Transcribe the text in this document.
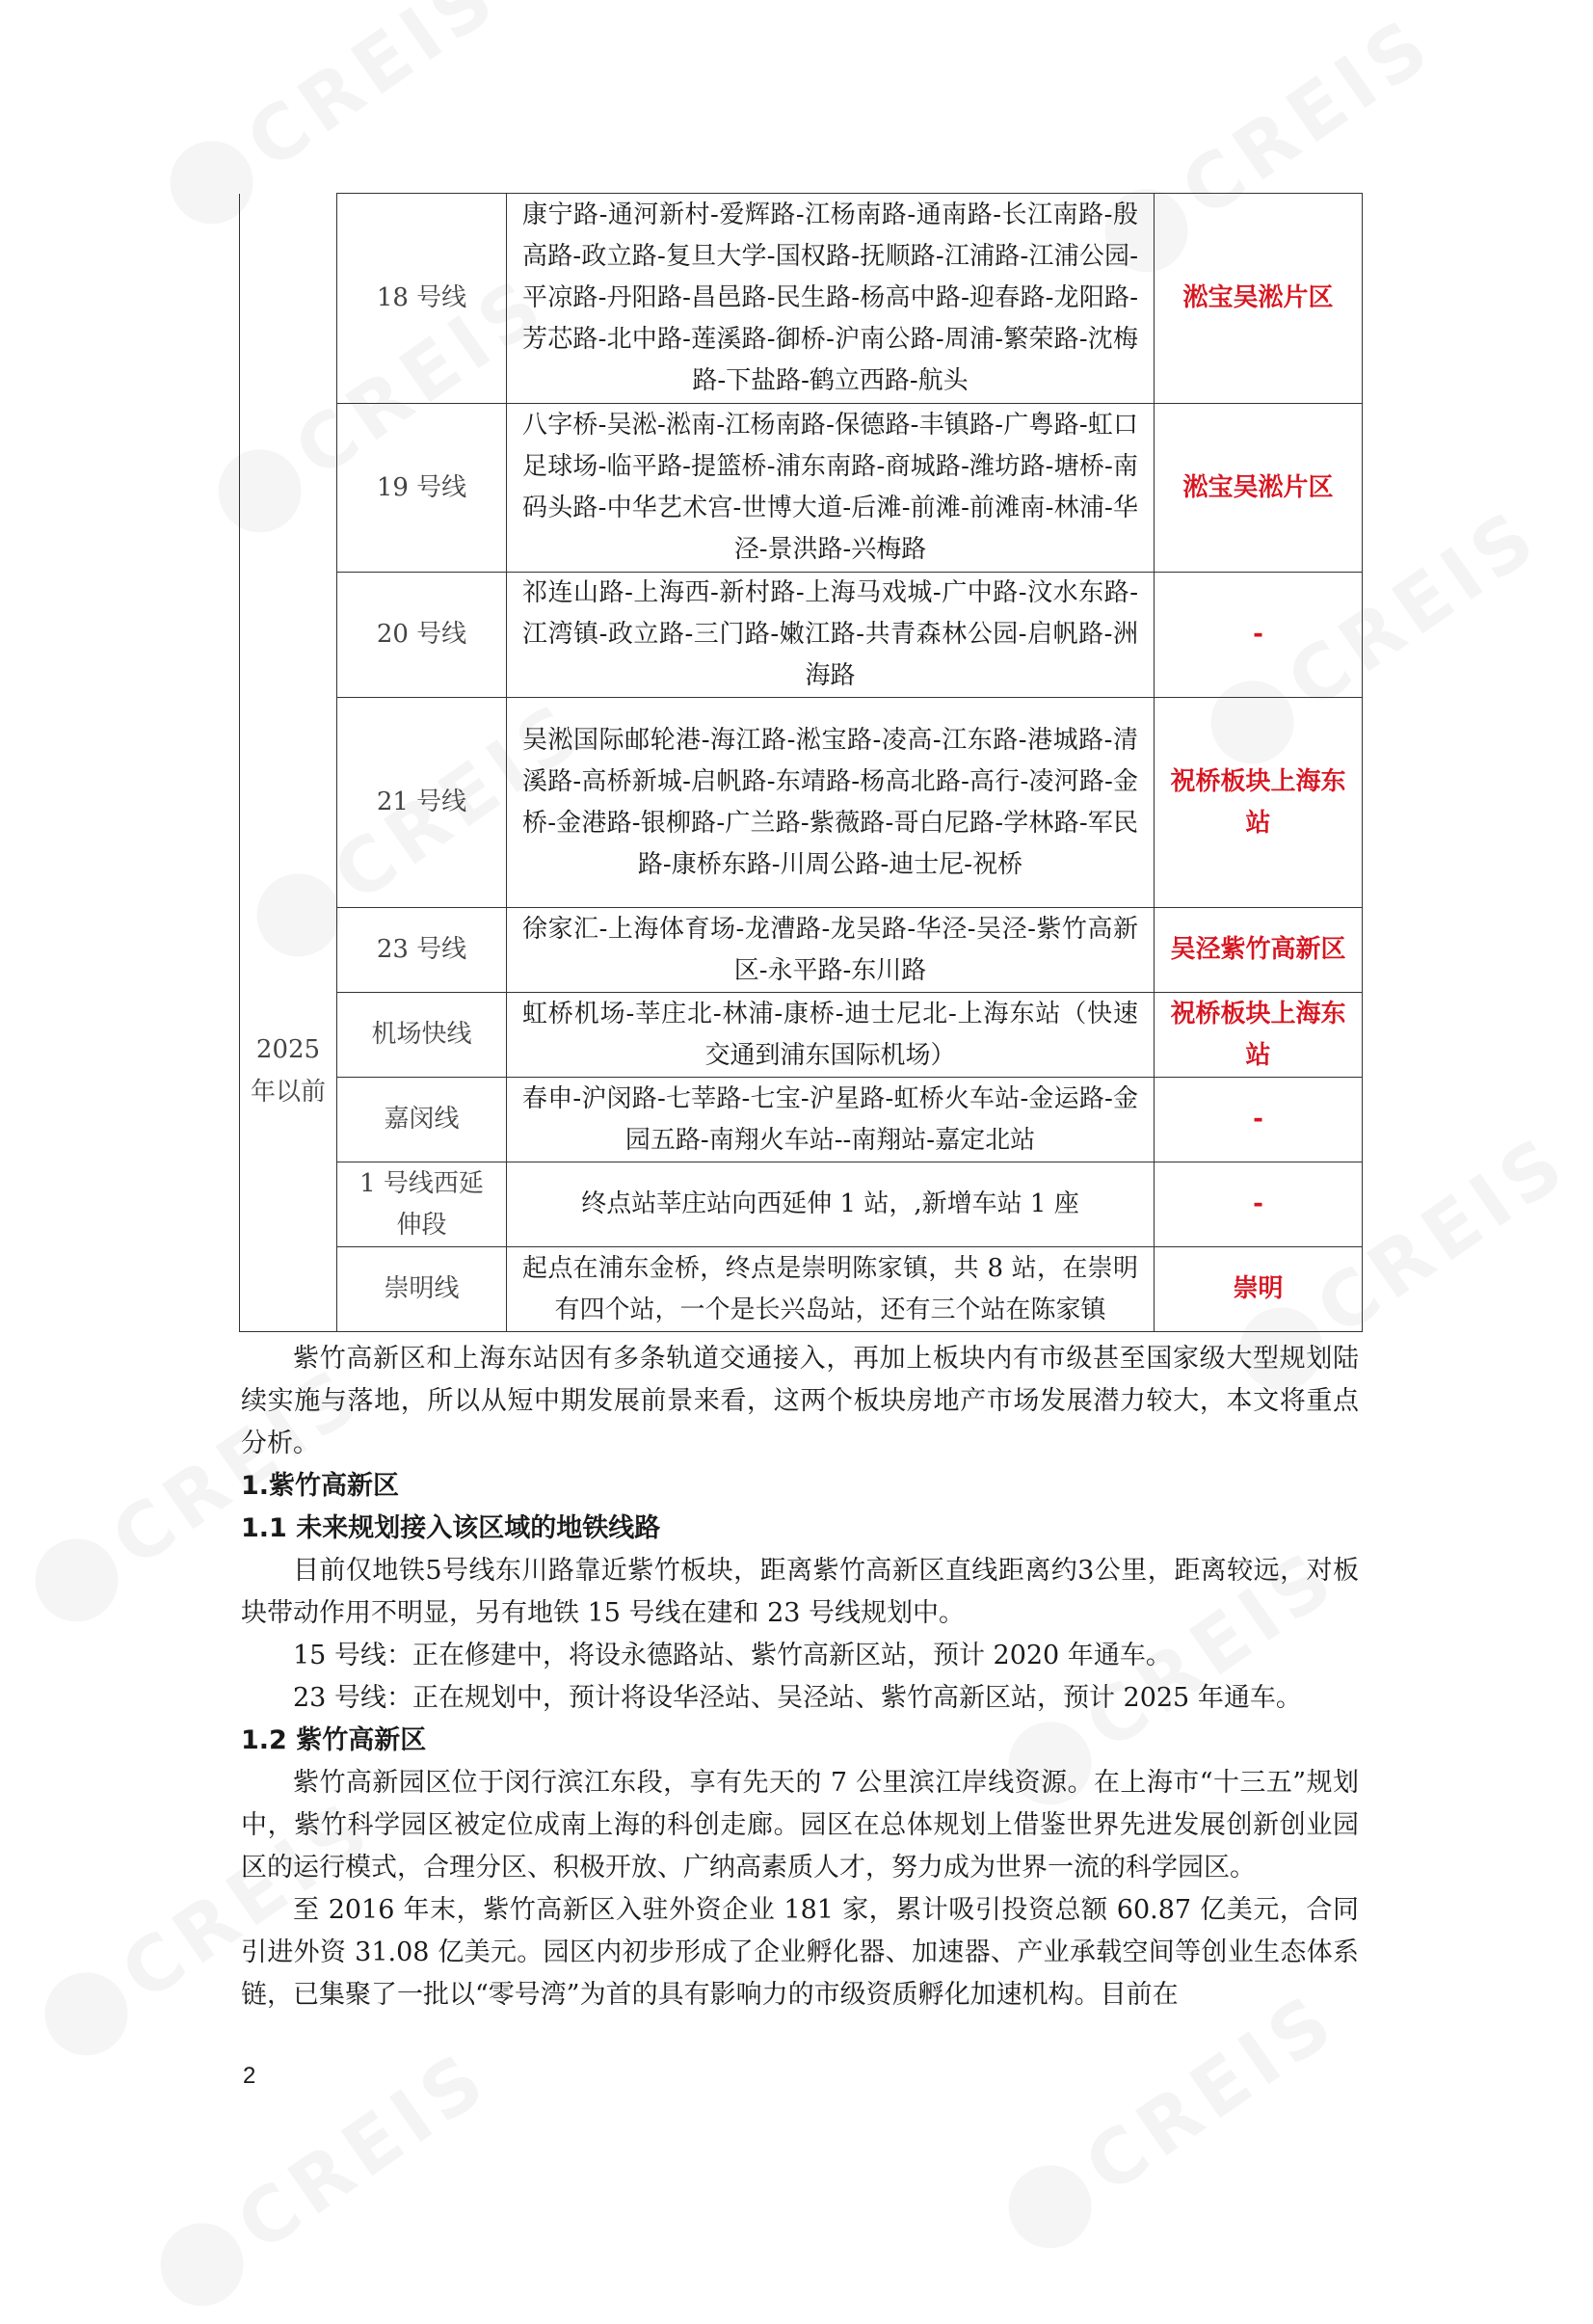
2025年以前	18 号线	康宁路-通河新村-爱辉路-江杨南路-通南路-长江南路-殷高路-政立路-复旦大学-国权路-抚顺路-江浦路-江浦公园-平凉路-丹阳路-昌邑路-民生路-杨高中路-迎春路-龙阳路-芳芯路-北中路-莲溪路-御桥-沪南公路-周浦-繁荣路-沈梅路-下盐路-鹤立西路-航头	淞宝吴淞片区
	19 号线	八字桥-吴淞-淞南-江杨南路-保德路-丰镇路-广粤路-虹口足球场-临平路-提篮桥-浦东南路-商城路-潍坊路-塘桥-南码头路-中华艺术宫-世博大道-后滩-前滩-前滩南-林浦-华泾-景洪路-兴梅路	淞宝吴淞片区
	20 号线	祁连山路-上海西-新村路-上海马戏城-广中路-汶水东路-江湾镇-政立路-三门路-嫩江路-共青森林公园-启帆路-洲海路	-
	21 号线	吴淞国际邮轮港-海江路-淞宝路-凌高-江东路-港城路-清溪路-高桥新城-启帆路-东靖路-杨高北路-高行-凌河路-金桥-金港路-银柳路-广兰路-紫薇路-哥白尼路-学林路-军民路-康桥东路-川周公路-迪士尼-祝桥	祝桥板块上海东站
	23 号线	徐家汇-上海体育场-龙漕路-龙吴路-华泾-吴泾-紫竹高新区-永平路-东川路	吴泾紫竹高新区
	机场快线	虹桥机场-莘庄北-林浦-康桥-迪士尼北-上海东站（快速交通到浦东国际机场）	祝桥板块上海东站
	嘉闵线	春申-沪闵路-七莘路-七宝-沪星路-虹桥火车站-金运路-金园五路-南翔火车站--南翔站-嘉定北站	-
	1 号线西延伸段	终点站莘庄站向西延伸 1 站，,新增车站 1 座	-
	崇明线	起点在浦东金桥，终点是崇明陈家镇，共 8 站，在崇明有四个站，一个是长兴岛站，还有三个站在陈家镇	崇明

紫竹高新区和上海东站因有多条轨道交通接入，再加上板块内有市级甚至国家级大型规划陆续实施与落地，所以从短中期发展前景来看，这两个板块房地产市场发展潜力较大，本文将重点分析。

1.紫竹高新区
1.1 未来规划接入该区域的地铁线路

目前仅地铁5号线东川路靠近紫竹板块，距离紫竹高新区直线距离约3公里，距离较远，对板块带动作用不明显，另有地铁 15 号线在建和 23 号线规划中。

15 号线：正在修建中，将设永德路站、紫竹高新区站，预计 2020 年通车。

23 号线：正在规划中，预计将设华泾站、吴泾站、紫竹高新区站，预计 2025 年通车。

1.2 紫竹高新区

紫竹高新园区位于闵行滨江东段，享有先天的 7 公里滨江岸线资源。在上海市“十三五”规划中，紫竹科学园区被定位成南上海的科创走廊。园区在总体规划上借鉴世界先进发展创新创业园区的运行模式，合理分区、积极开放、广纳高素质人才，努力成为世界一流的科学园区。

至 2016 年末，紫竹高新区入驻外资企业 181 家，累计吸引投资总额 60.87 亿美元，合同引进外资 31.08 亿美元。园区内初步形成了企业孵化器、加速器、产业承载空间等创业生态体系链，已集聚了一批以“零号湾”为首的具有影响力的市级资质孵化加速机构。目前在

2
